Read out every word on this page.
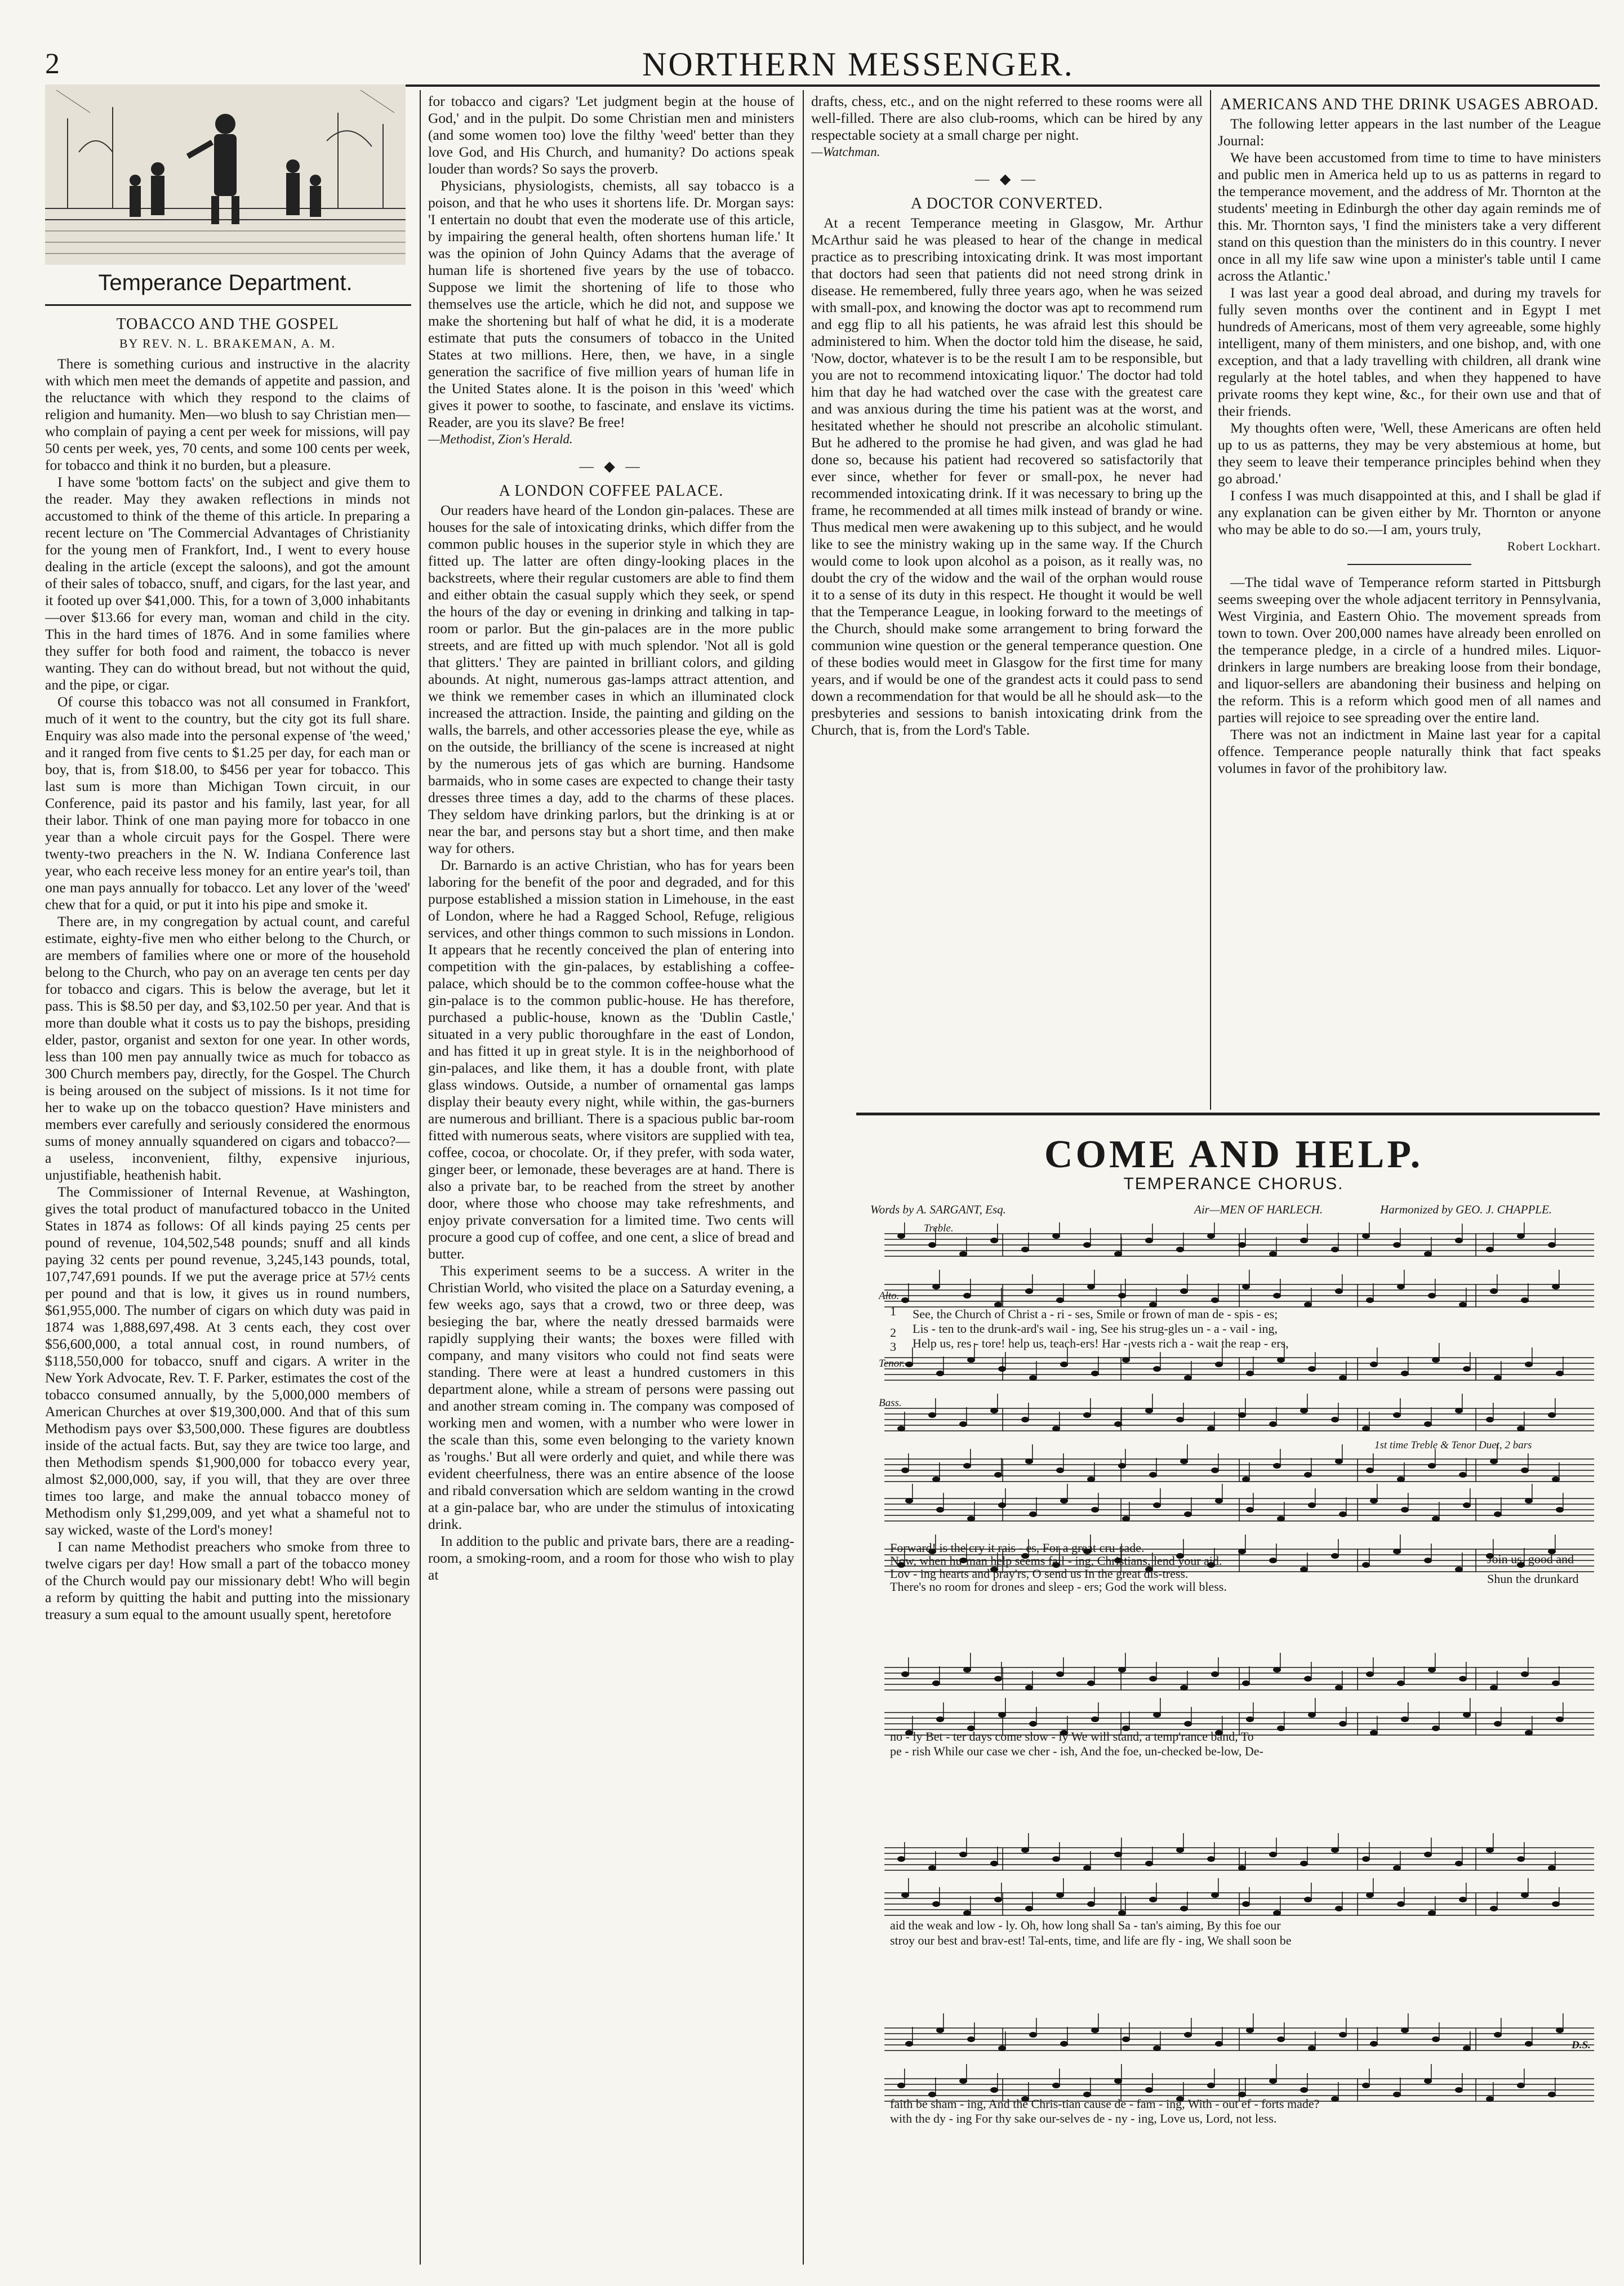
2	NORTHERN MESSENGER.
Temperance Department.
TOBACCO AND THE GOSPEL
BY REV. N. L. BRAKEMAN, A. M.

There is something curious and instructive in the alacrity with which men meet the demands of appetite and passion, and the reluctance with which they respond to the claims of religion and humanity. Men—wo blush to say Christian men—who complain of paying a cent per week for missions, will pay 50 cents per week, yes, 70 cents, and some 100 cents per week, for tobacco and think it no burden, but a pleasure.

I have some 'bottom facts' on the subject and give them to the reader. May they awaken reflections in minds not accustomed to think of the theme of this article. In preparing a recent lecture on 'The Commercial Advantages of Christianity for the young men of Frankfort, Ind., I went to every house dealing in the article (except the saloons), and got the amount of their sales of tobacco, snuff, and cigars, for the last year, and it footed up over $41,000. This, for a town of 3,000 inhabitants—over $13.66 for every man, woman and child in the city. This in the hard times of 1876. And in some families where they suffer for both food and raiment, the tobacco is never wanting. They can do without bread, but not without the quid, and the pipe, or cigar.

Of course this tobacco was not all consumed in Frankfort, much of it went to the country, but the city got its full share. Enquiry was also made into the personal expense of 'the weed,' and it ranged from five cents to $1.25 per day, for each man or boy, that is, from $18.00, to $456 per year for tobacco. This last sum is more than Michigan Town circuit, in our Conference, paid its pastor and his family, last year, for all their labor. Think of one man paying more for tobacco in one year than a whole circuit pays for the Gospel. There were twenty-two preachers in the N. W. Indiana Conference last year, who each receive less money for an entire year's toil, than one man pays annually for tobacco. Let any lover of the 'weed' chew that for a quid, or put it into his pipe and smoke it.

There are, in my congregation by actual count, and careful estimate, eighty-five men who either belong to the Church, or are members of families where one or more of the household belong to the Church, who pay on an average ten cents per day for tobacco and cigars. This is below the average, but let it pass. This is $8.50 per day, and $3,102.50 per year. And that is more than double what it costs us to pay the bishops, presiding elder, pastor, organist and sexton for one year. In other words, less than 100 men pay annually twice as much for tobacco as 300 Church members pay, directly, for the Gospel. The Church is being aroused on the subject of missions. Is it not time for her to wake up on the tobacco question? Have ministers and members ever carefully and seriously considered the enormous sums of money annually squandered on cigars and tobacco?—a useless, inconvenient, filthy, expensive injurious, unjustifiable, heathenish habit.

The Commissioner of Internal Revenue, at Washington, gives the total product of manufactured tobacco in the United States in 1874 as follows: Of all kinds paying 25 cents per pound of revenue, 104,502,548 pounds; snuff and all kinds paying 32 cents per pound revenue, 3,245,143 pounds, total, 107,747,691 pounds. If we put the average price at 57½ cents per pound and that is low, it gives us in round numbers, $61,955,000. The number of cigars on which duty was paid in 1874 was 1,888,697,498. At 3 cents each, they cost over $56,600,000, a total annual cost, in round numbers, of $118,550,000 for tobacco, snuff and cigars. A writer in the New York Advocate, Rev. T. F. Parker, estimates the cost of the tobacco consumed annually, by the 5,000,000 members of American Churches at over $19,300,000. And that of this sum Methodism pays over $3,500,000. These figures are doubtless inside of the actual facts. But, say they are twice too large, and then Methodism spends $1,900,000 for tobacco every year, almost $2,000,000, say, if you will, that they are over three times too large, and make the annual tobacco money of Methodism only $1,299,009, and yet what a shameful not to say wicked, waste of the Lord's money!

I can name Methodist preachers who smoke from three to twelve cigars per day! How small a part of the tobacco money of the Church would pay our missionary debt! Who will begin a reform by quitting the habit and putting into the missionary treasury a sum equal to the amount usually spent, heretofore

for tobacco and cigars? 'Let judgment begin at the house of God,' and in the pulpit. Do some Christian men and ministers (and some women too) love the filthy 'weed' better than they love God, and His Church, and humanity? Do actions speak louder than words? So says the proverb.

Physicians, physiologists, chemists, all say tobacco is a poison, and that he who uses it shortens life. Dr. Morgan says: 'I entertain no doubt that even the moderate use of this article, by impairing the general health, often shortens human life.' It was the opinion of John Quincy Adams that the average of human life is shortened five years by the use of tobacco. Suppose we limit the shortening of life to those who themselves use the article, which he did not, and suppose we make the shortening but half of what he did, it is a moderate estimate that puts the consumers of tobacco in the United States at two millions. Here, then, we have, in a single generation the sacrifice of five million years of human life in the United States alone. It is the poison in this 'weed' which gives it power to soothe, to fascinate, and enslave its victims. Reader, are you its slave? Be free!

—Methodist, Zion's Herald.

— ◆ —
A LONDON COFFEE PALACE.

Our readers have heard of the London gin-palaces. These are houses for the sale of intoxicating drinks, which differ from the common public houses in the superior style in which they are fitted up. The latter are often dingy-looking places in the backstreets, where their regular customers are able to find them and either obtain the casual supply which they seek, or spend the hours of the day or evening in drinking and talking in tap-room or parlor. But the gin-palaces are in the more public streets, and are fitted up with much splendor. 'Not all is gold that glitters.' They are painted in brilliant colors, and gilding abounds. At night, numerous gas-lamps attract attention, and we think we remember cases in which an illuminated clock increased the attraction. Inside, the painting and gilding on the walls, the barrels, and other accessories please the eye, while as on the outside, the brilliancy of the scene is increased at night by the numerous jets of gas which are burning. Handsome barmaids, who in some cases are expected to change their tasty dresses three times a day, add to the charms of these places. They seldom have drinking parlors, but the drinking is at or near the bar, and persons stay but a short time, and then make way for others.

Dr. Barnardo is an active Christian, who has for years been laboring for the benefit of the poor and degraded, and for this purpose established a mission station in Limehouse, in the east of London, where he had a Ragged School, Refuge, religious services, and other things common to such missions in London. It appears that he recently conceived the plan of entering into competition with the gin-palaces, by establishing a coffee-palace, which should be to the common coffee-house what the gin-palace is to the common public-house. He has therefore, purchased a public-house, known as the 'Dublin Castle,' situated in a very public thoroughfare in the east of London, and has fitted it up in great style. It is in the neighborhood of gin-palaces, and like them, it has a double front, with plate glass windows. Outside, a number of ornamental gas lamps display their beauty every night, while within, the gas-burners are numerous and brilliant. There is a spacious public bar-room fitted with numerous seats, where visitors are supplied with tea, coffee, cocoa, or chocolate. Or, if they prefer, with soda water, ginger beer, or lemonade, these beverages are at hand. There is also a private bar, to be reached from the street by another door, where those who choose may take refreshments, and enjoy private conversation for a limited time. Two cents will procure a good cup of coffee, and one cent, a slice of bread and butter.

This experiment seems to be a success. A writer in the Christian World, who visited the place on a Saturday evening, a few weeks ago, says that a crowd, two or three deep, was besieging the bar, where the neatly dressed barmaids were rapidly supplying their wants; the boxes were filled with company, and many visitors who could not find seats were standing. There were at least a hundred customers in this department alone, while a stream of persons were passing out and another stream coming in. The company was composed of working men and women, with a number who were lower in the scale than this, some even belonging to the variety known as 'roughs.' But all were orderly and quiet, and while there was evident cheerfulness, there was an entire absence of the loose and ribald conversation which are seldom wanting in the crowd at a gin-palace bar, who are under the stimulus of intoxicating drink.

In addition to the public and private bars, there are a reading-room, a smoking-room, and a room for those who wish to play at

drafts, chess, etc., and on the night referred to these rooms were all well-filled. There are also club-rooms, which can be hired by any respectable society at a small charge per night.

—Watchman.

— ◆ —
A DOCTOR CONVERTED.

At a recent Temperance meeting in Glasgow, Mr. Arthur McArthur said he was pleased to hear of the change in medical practice as to prescribing intoxicating drink. It was most important that doctors had seen that patients did not need strong drink in disease. He remembered, fully three years ago, when he was seized with small-pox, and knowing the doctor was apt to recommend rum and egg flip to all his patients, he was afraid lest this should be administered to him. When the doctor told him the disease, he said, 'Now, doctor, whatever is to be the result I am to be responsible, but you are not to recommend intoxicating liquor.' The doctor had told him that day he had watched over the case with the greatest care and was anxious during the time his patient was at the worst, and hesitated whether he should not prescribe an alcoholic stimulant. But he adhered to the promise he had given, and was glad he had done so, because his patient had recovered so satisfactorily that ever since, whether for fever or small-pox, he never had recommended intoxicating drink. If it was necessary to bring up the frame, he recommended at all times milk instead of brandy or wine. Thus medical men were awakening up to this subject, and he would like to see the ministry waking up in the same way. If the Church would come to look upon alcohol as a poison, as it really was, no doubt the cry of the widow and the wail of the orphan would rouse it to a sense of its duty in this respect. He thought it would be well that the Temperance League, in looking forward to the meetings of the Church, should make some arrangement to bring forward the communion wine question or the general temperance question. One of these bodies would meet in Glasgow for the first time for many years, and if would be one of the grandest acts it could pass to send down a recommendation for that would be all he should ask—to the presbyteries and sessions to banish intoxicating drink from the Church, that is, from the Lord's Table.

AMERICANS AND THE DRINK USAGES ABROAD.

The following letter appears in the last number of the League Journal:

We have been accustomed from time to time to have ministers and public men in America held up to us as patterns in regard to the temperance movement, and the address of Mr. Thornton at the students' meeting in Edinburgh the other day again reminds me of this. Mr. Thornton says, 'I find the ministers take a very different stand on this question than the ministers do in this country. I never once in all my life saw wine upon a minister's table until I came across the Atlantic.'

I was last year a good deal abroad, and during my travels for fully seven months over the continent and in Egypt I met hundreds of Americans, most of them very agreeable, some highly intelligent, many of them ministers, and one bishop, and, with one exception, and that a lady travelling with children, all drank wine regularly at the hotel tables, and when they happened to have private rooms they kept wine, &c., for their own use and that of their friends.

My thoughts often were, 'Well, these Americans are often held up to us as patterns, they may be very abstemious at home, but they seem to leave their temperance principles behind when they go abroad.'

I confess I was much disappointed at this, and I shall be glad if any explanation can be given either by Mr. Thornton or anyone who may be able to do so.—I am, yours truly,

Robert Lockhart.

—The tidal wave of Temperance reform started in Pittsburgh seems sweeping over the whole adjacent territory in Pennsylvania, West Virginia, and Eastern Ohio. The movement spreads from town to town. Over 200,000 names have already been enrolled on the temperance pledge, in a circle of a hundred miles. Liquor-drinkers in large numbers are breaking loose from their bondage, and liquor-sellers are abandoning their business and helping on the reform. This is a reform which good men of all names and parties will rejoice to see spreading over the entire land.

There was not an indictment in Maine last year for a capital offence. Temperance people naturally think that fact speaks volumes in favor of the prohibitory law.

COME AND HELP.
TEMPERANCE CHORUS.
Words by A. SARGANT, Esq.	Air—MEN OF HARLECH.	Harmonized by GEO. J. CHAPPLE.
Treble.
Alto.
Tenor.
Bass.
1st time Treble & Tenor Duet, 2 bars
D.S.
1
2
3
See, the Church of Christ a - ri - ses, Smile or frown of man de - spis - es;
Lis - ten to the drunk-ard's wail - ing, See his strug-gles un - a - vail - ing,
Help us, res - tore! help us, teach-ers! Har - vests rich a - wait the reap - ers,
Forward! is the cry it rais - es, For a great cru-sade.
Now, when hu-man help seems fail - ing, Christians, lend your aid.
Lov - ing hearts and pray'rs, O send us In the great dis-tress.
There's no room for drones and sleep - ers; God the work will bless.
Join us, good and
Shun the drunkard
no - ly Bet - ter days come slow - ly We will stand, a temp'rance band, To
pe - rish While our case we cher - ish, And the foe, un-checked be-low, De-
aid the weak and low - ly. Oh, how long shall Sa - tan's aiming, By this foe our
stroy our best and brav-est! Tal-ents, time, and life are fly - ing, We shall soon be
faith be sham - ing, And the Chris-tian cause de - fam - ing, With - out ef - forts made?
with the dy - ing For thy sake our-selves de - ny - ing, Love us, Lord, not less.
